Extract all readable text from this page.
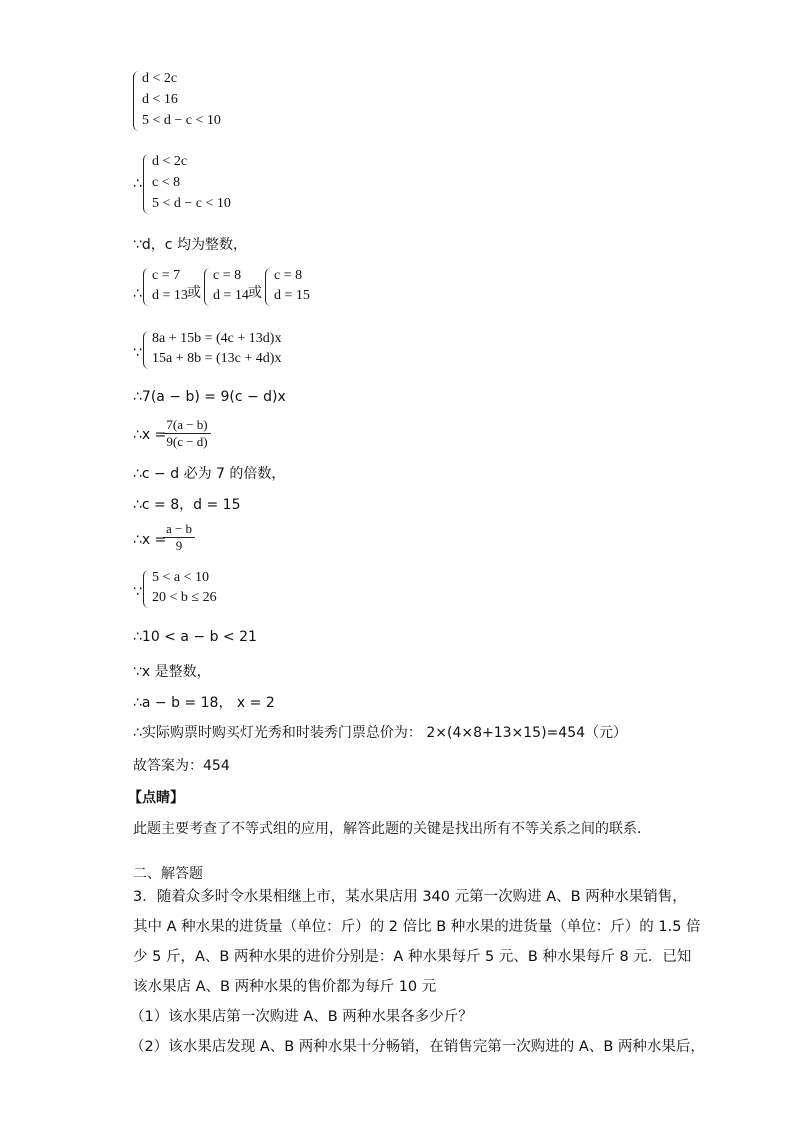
d < 2c
d < 16
5 < d − c < 10
∴
d < 2c
c < 8
5 < d − c < 10
∵d，c 均为整数，
∴
c = 7
d = 13 或
c = 8
d = 14 或
c = 8
d = 15
∵
8a + 15b = (4c + 13d)x
15a + 8b = (13c + 4d)x
∴7(a − b) = 9(c − d)x
∴x =
$\frac{7(a - b)}{9(c - d)}$
∴c − d 必为 7 的倍数，
∴c = 8，d = 15
∴x =
$\frac{a - b}{9}$
∵
5 < a < 10
20 < b ≤ 26
∴10 < a − b < 21
∵x 是整数，
∴a − b = 18， x = 2
∴实际购票时购买灯光秀和时装秀门票总价为： 2×(4×8+13×15)=454（元）
故答案为：454
【点睛】
此题主要考查了不等式组的应用，解答此题的关键是找出所有不等关系之间的联系．
二、解答题
3．随着众多时令水果相继上市，某水果店用 340 元第一次购进 A、B 两种水果销售，
其中 A 种水果的进货量（单位：斤）的 2 倍比 B 种水果的进货量（单位：斤）的 1.5 倍
少 5 斤，A、B 两种水果的进价分别是：A 种水果每斤 5 元、B 种水果每斤 8 元．已知
该水果店 A、B 两种水果的售价都为每斤 10 元
（1）该水果店第一次购进 A、B 两种水果各多少斤？
（2）该水果店发现 A、B 两种水果十分畅销，在销售完第一次购进的 A、B 两种水果后，
